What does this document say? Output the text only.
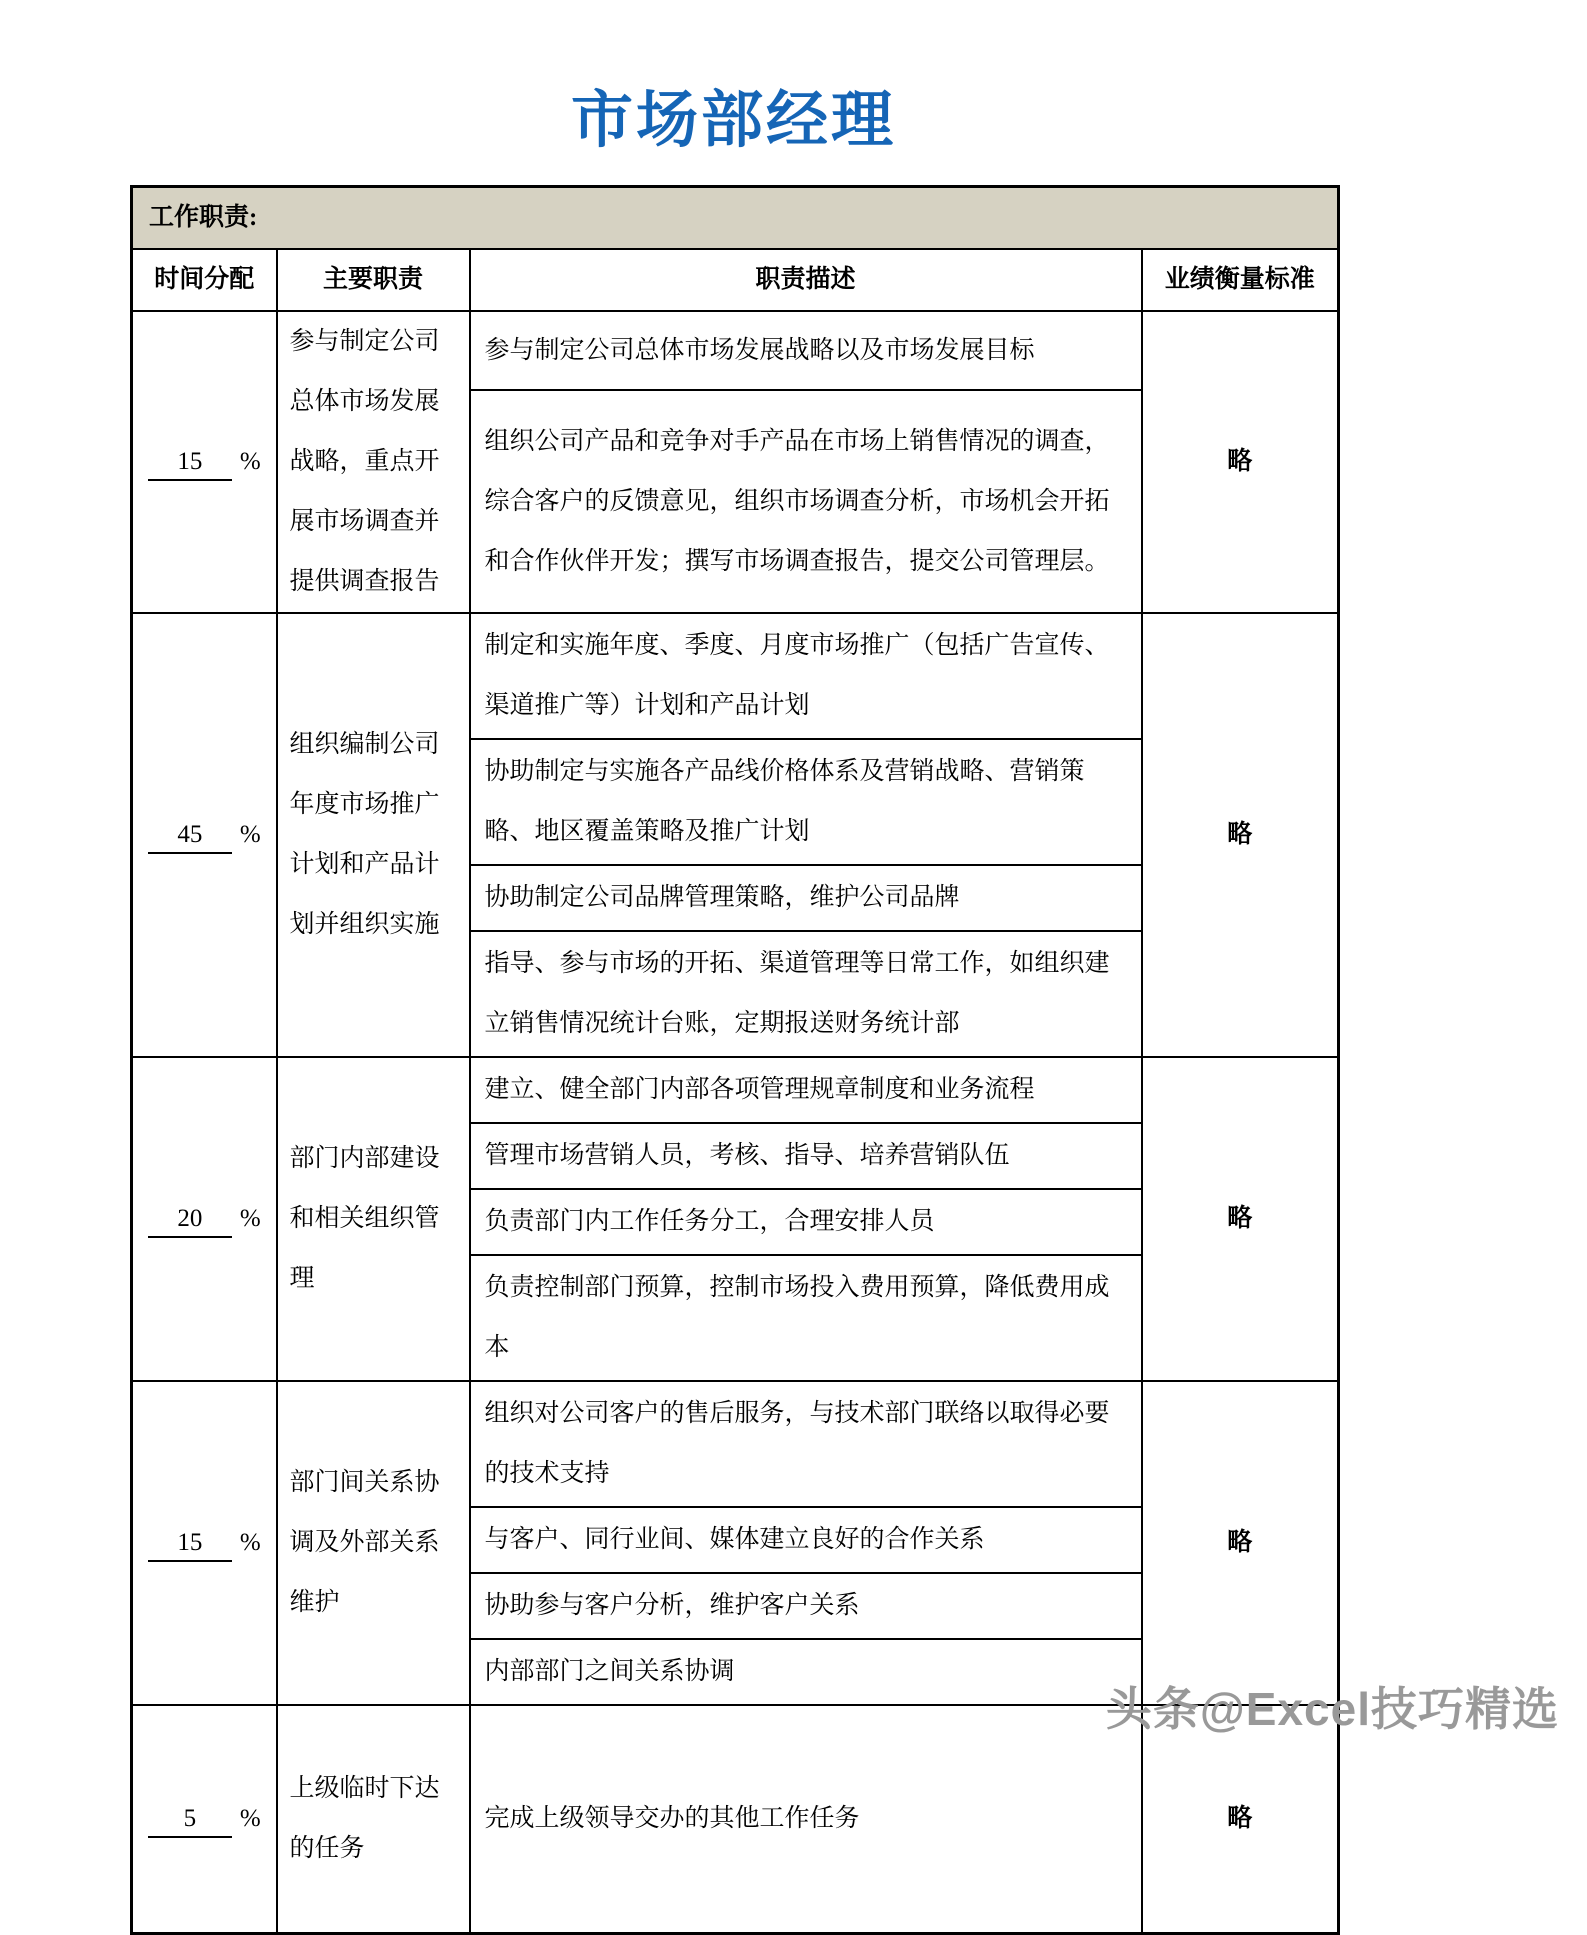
市场部经理
工作职责:			
时间分配	主要职责	职责描述	业绩衡量标准
15 %	参与制定公司总体市场发展战略，重点开展市场调查并提供调查报告	参与制定公司总体市场发展战略以及市场发展目标	略
		组织公司产品和竞争对手产品在市场上销售情况的调查，综合客户的反馈意见，组织市场调查分析，市场机会开拓和合作伙伴开发；撰写市场调查报告，提交公司管理层。	
45 %	组织编制公司年度市场推广计划和产品计划并组织实施	制定和实施年度、季度、月度市场推广（包括广告宣传、渠道推广等）计划和产品计划	略
		协助制定与实施各产品线价格体系及营销战略、营销策略、地区覆盖策略及推广计划	
		协助制定公司品牌管理策略，维护公司品牌	
		指导、参与市场的开拓、渠道管理等日常工作，如组织建立销售情况统计台账，定期报送财务统计部	
20 %	部门内部建设和相关组织管理	建立、健全部门内部各项管理规章制度和业务流程	略
		管理市场营销人员，考核、指导、培养营销队伍	
		负责部门内工作任务分工，合理安排人员	
		负责控制部门预算，控制市场投入费用预算，降低费用成本	
15 %	部门间关系协调及外部关系维护	组织对公司客户的售后服务，与技术部门联络以取得必要的技术支持	略
		与客户、同行业间、媒体建立良好的合作关系	
		协助参与客户分析，维护客户关系	
		内部部门之间关系协调	
5 %	上级临时下达的任务	完成上级领导交办的其他工作任务	略
头条@Excel技巧精选
